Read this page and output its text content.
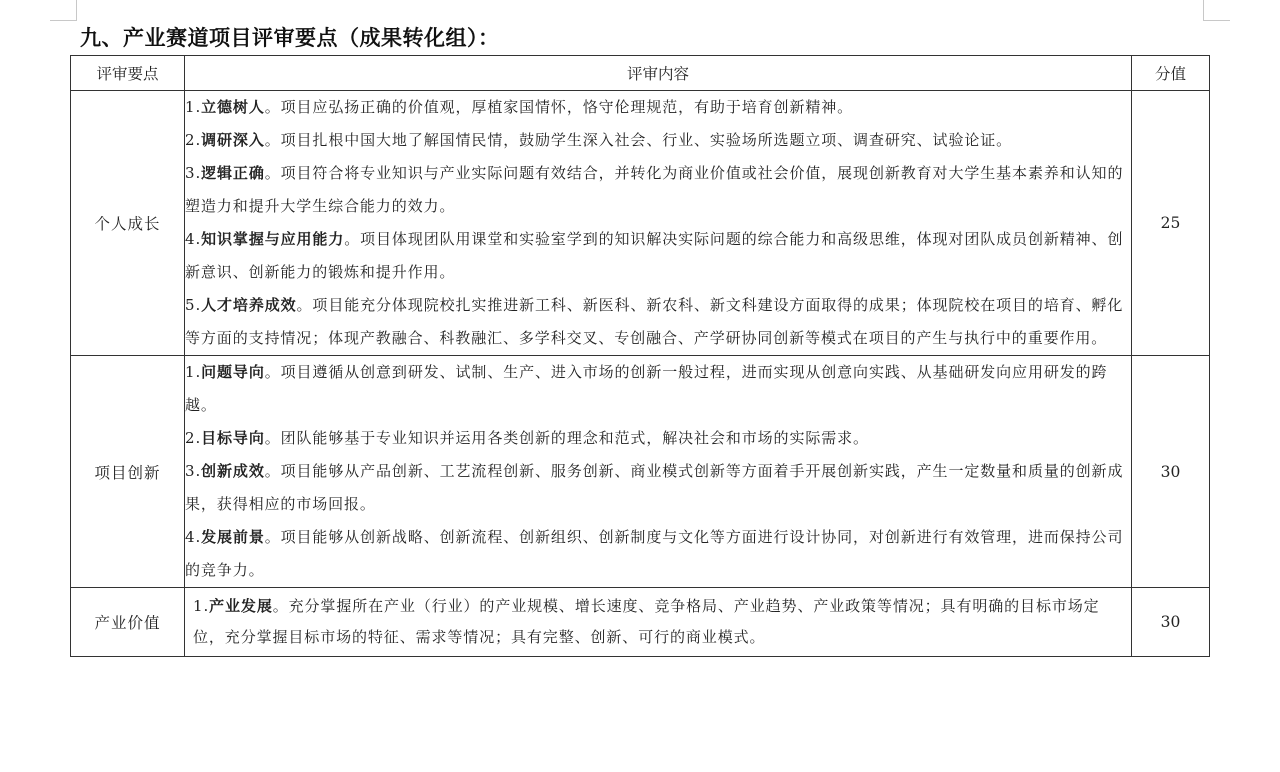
九、产业赛道项目评审要点（成果转化组）：
评审要点	评审内容	分值
个人成长	1.立德树人。项目应弘扬正确的价值观，厚植家国情怀，恪守伦理规范，有助于培育创新精神。
2.调研深入。项目扎根中国大地了解国情民情，鼓励学生深入社会、行业、实验场所选题立项、调查研究、试验论证。
3.逻辑正确。项目符合将专业知识与产业实际问题有效结合，并转化为商业价值或社会价值，展现创新教育对大学生基本素养和认知的塑造力和提升大学生综合能力的效力。
4.知识掌握与应用能力。项目体现团队用课堂和实验室学到的知识解决实际问题的综合能力和高级思维，体现对团队成员创新精神、创新意识、创新能力的锻炼和提升作用。
5.人才培养成效。项目能充分体现院校扎实推进新工科、新医科、新农科、新文科建设方面取得的成果；体现院校在项目的培育、孵化等方面的支持情况；体现产教融合、科教融汇、多学科交叉、专创融合、产学研协同创新等模式在项目的产生与执行中的重要作用。	25
项目创新	1.问题导向。项目遵循从创意到研发、试制、生产、进入市场的创新一般过程，进而实现从创意向实践、从基础研发向应用研发的跨越。
2.目标导向。团队能够基于专业知识并运用各类创新的理念和范式，解决社会和市场的实际需求。
3.创新成效。项目能够从产品创新、工艺流程创新、服务创新、商业模式创新等方面着手开展创新实践，产生一定数量和质量的创新成果，获得相应的市场回报。
4.发展前景。项目能够从创新战略、创新流程、创新组织、创新制度与文化等方面进行设计协同，对创新进行有效管理，进而保持公司的竞争力。	30
产业价值	1.产业发展。充分掌握所在产业（行业）的产业规模、增长速度、竞争格局、产业趋势、产业政策等情况；具有明确的目标市场定位，充分掌握目标市场的特征、需求等情况；具有完整、创新、可行的商业模式。	30
